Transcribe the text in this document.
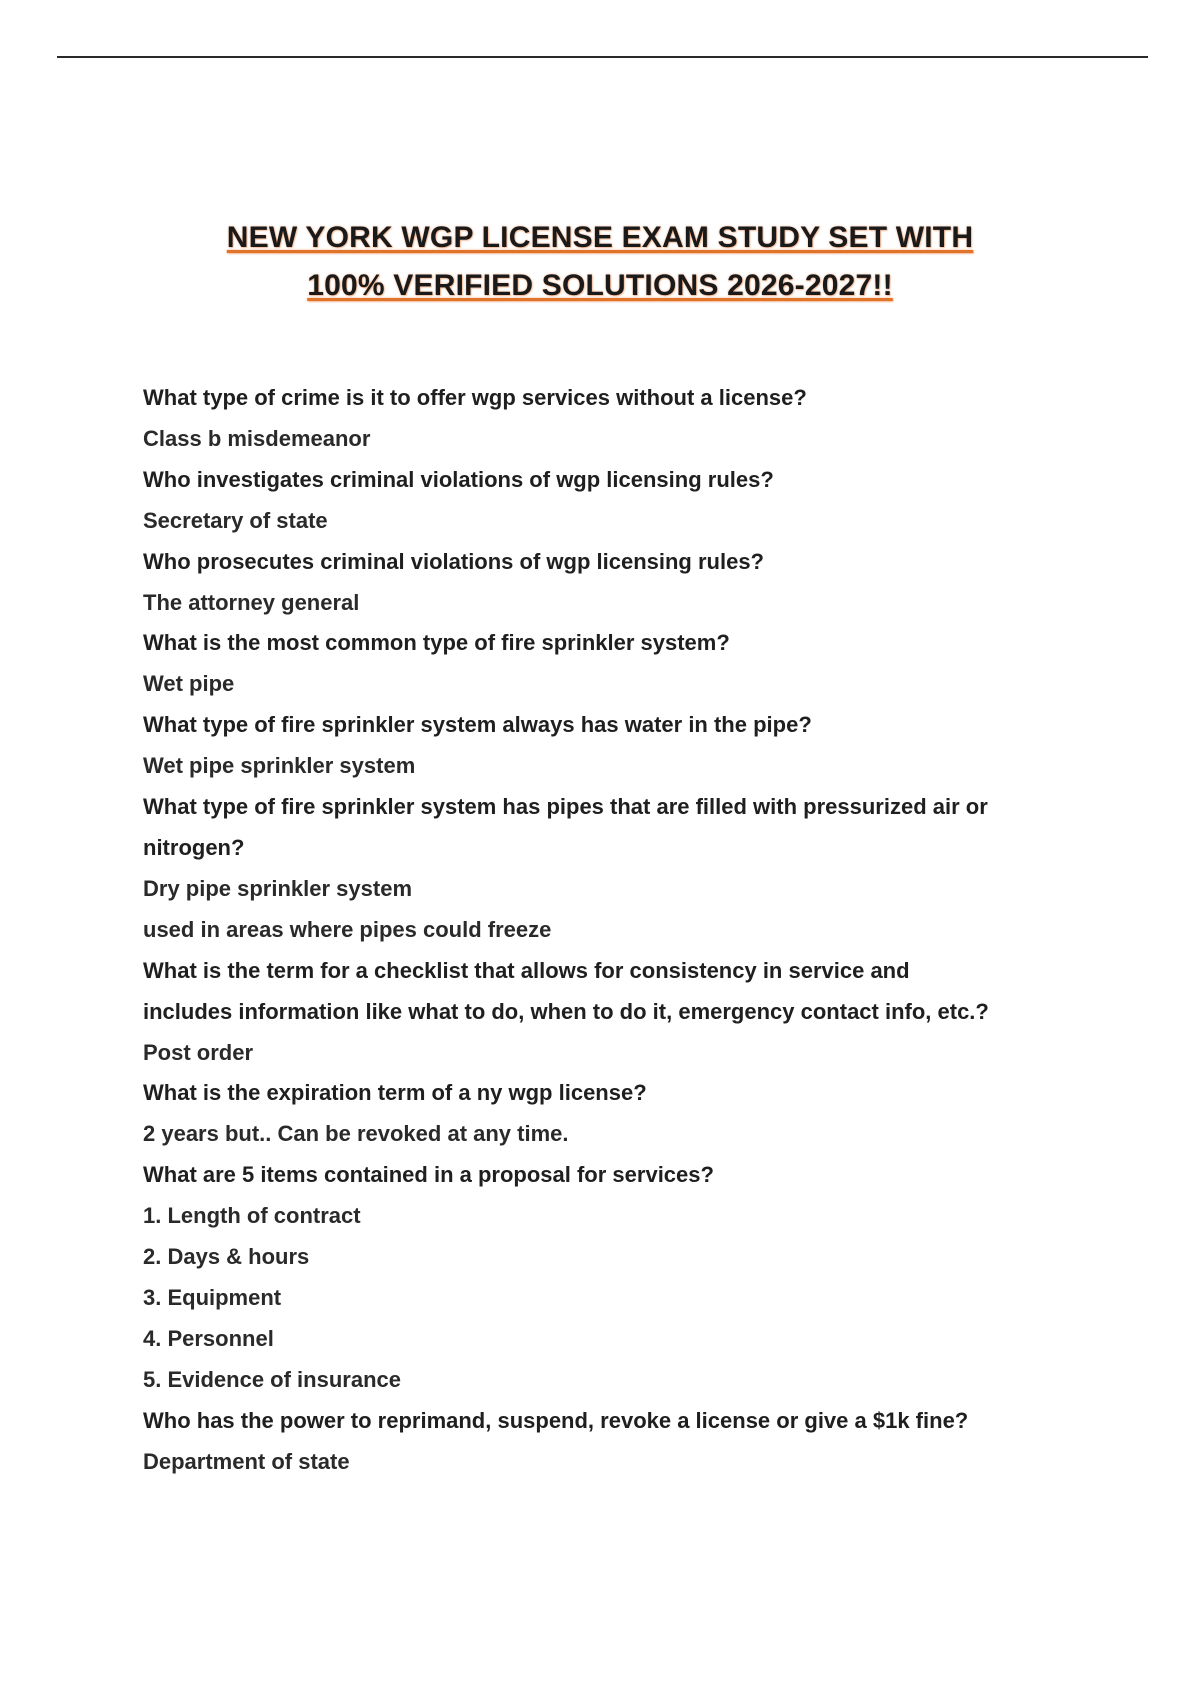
NEW YORK WGP LICENSE EXAM STUDY SET WITH
100% VERIFIED SOLUTIONS 2026-2027!!
What type of crime is it to offer wgp services without a license?
Class b misdemeanor
Who investigates criminal violations of wgp licensing rules?
Secretary of state
Who prosecutes criminal violations of wgp licensing rules?
The attorney general
What is the most common type of fire sprinkler system?
Wet pipe
What type of fire sprinkler system always has water in the pipe?
Wet pipe sprinkler system
What type of fire sprinkler system has pipes that are filled with pressurized air or
nitrogen?
Dry pipe sprinkler system
used in areas where pipes could freeze
What is the term for a checklist that allows for consistency in service and
includes information like what to do, when to do it, emergency contact info, etc.?
Post order
What is the expiration term of a ny wgp license?
2 years but.. Can be revoked at any time.
What are 5 items contained in a proposal for services?
1. Length of contract
2. Days & hours
3. Equipment
4. Personnel
5. Evidence of insurance
Who has the power to reprimand, suspend, revoke a license or give a $1k fine?
Department of state
